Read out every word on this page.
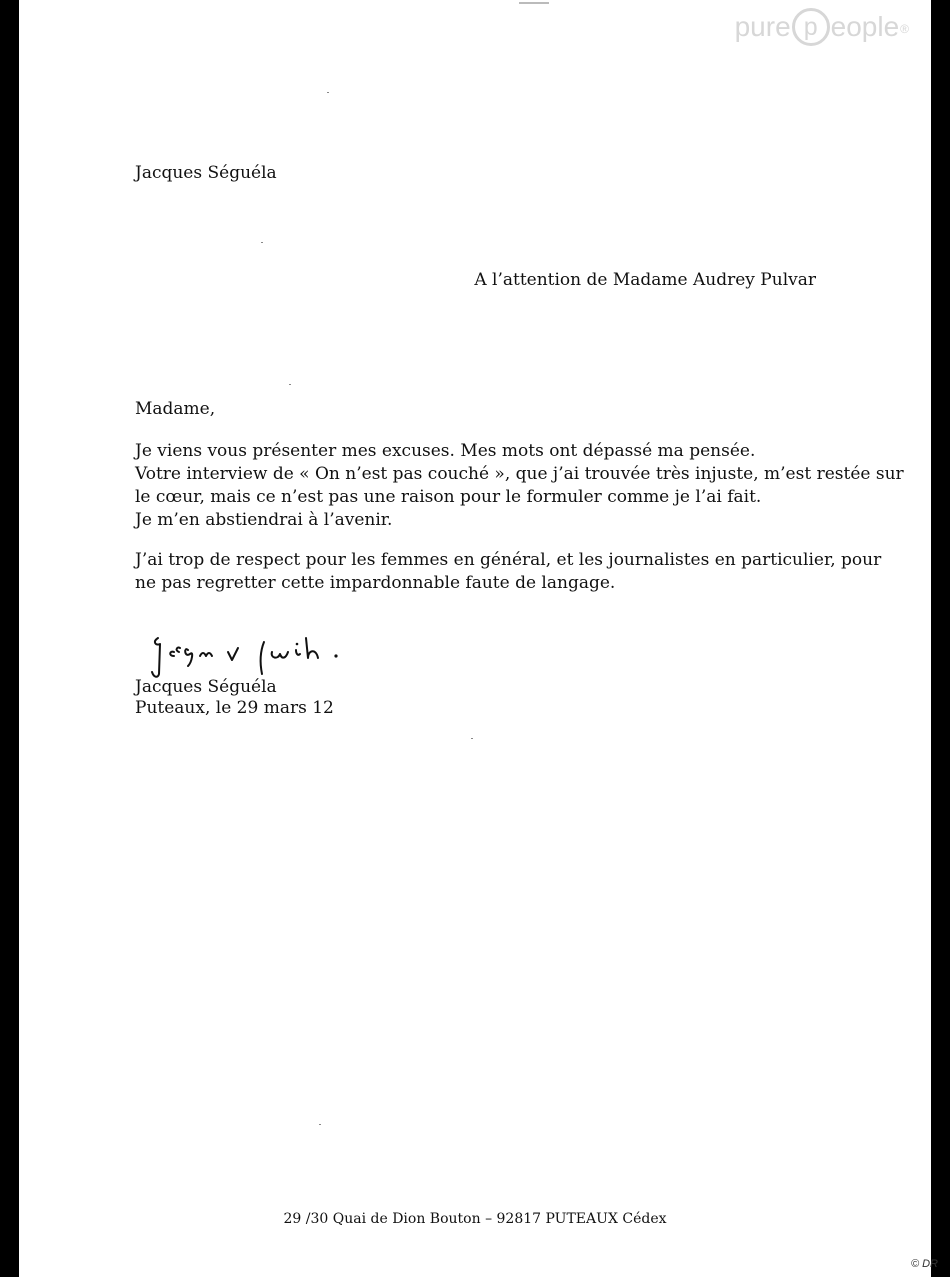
pure p eople ®

Jacques Séguéla

A l’attention de Madame Audrey Pulvar

Madame,

Je viens vous présenter mes excuses. Mes mots ont dépassé ma pensée.
Votre interview de « On n’est pas couché », que j’ai trouvée très injuste, m’est restée sur
le cœur, mais ce n’est pas une raison pour le formuler comme je l’ai fait.
Je m’en abstiendrai à l’avenir.
J’ai trop de respect pour les femmes en général, et les journalistes en particulier, pour
ne pas regretter cette impardonnable faute de langage.

Jacques Séguéla

Puteaux, le 29 mars 12

29 /30 Quai de Dion Bouton – 92817 PUTEAUX Cédex

© DR
